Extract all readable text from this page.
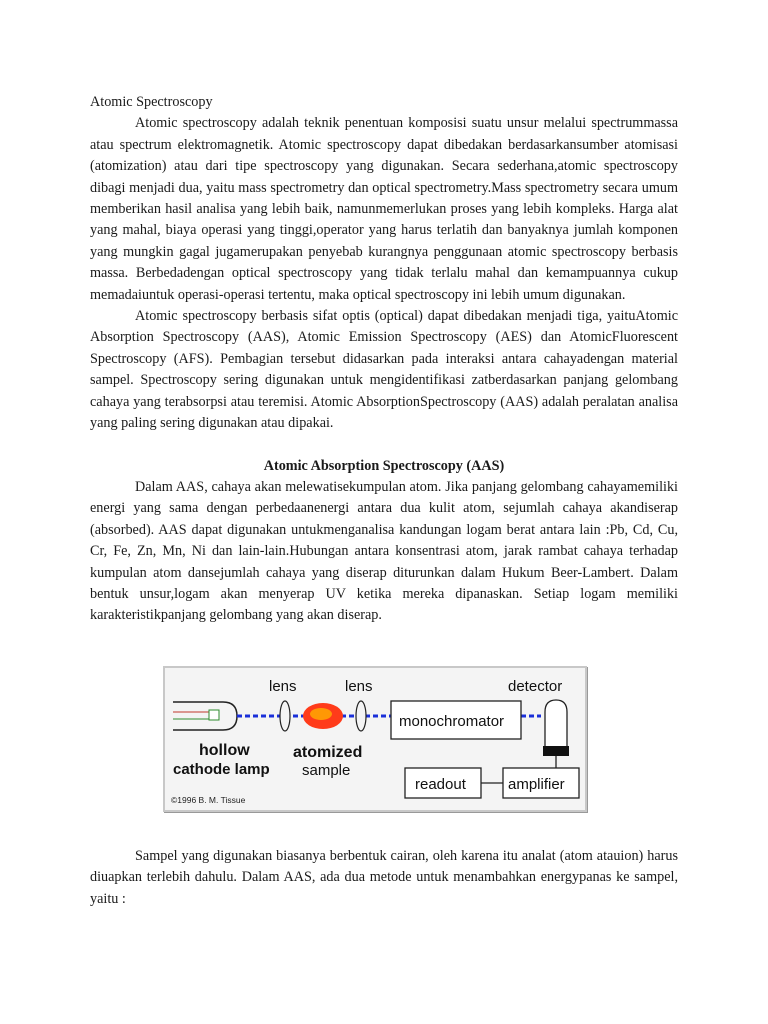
Atomic Spectroscopy

Atomic spectroscopy adalah teknik penentuan komposisi suatu unsur melalui spectrummassa atau spectrum elektromagnetik. Atomic spectroscopy dapat dibedakan berdasarkansumber atomisasi (atomization) atau dari tipe spectroscopy yang digunakan. Secara sederhana,atomic spectroscopy dibagi menjadi dua, yaitu mass spectrometry dan optical spectrometry.Mass spectrometry secara umum memberikan hasil analisa yang lebih baik, namunmemerlukan proses yang lebih kompleks. Harga alat yang mahal, biaya operasi yang tinggi,operator yang harus terlatih dan banyaknya jumlah komponen yang mungkin gagal jugamerupakan penyebab kurangnya penggunaan atomic spectroscopy berbasis massa. Berbedadengan optical spectroscopy yang tidak terlalu mahal dan kemampuannya cukup memadaiuntuk operasi-operasi tertentu, maka optical spectroscopy ini lebih umum digunakan.

Atomic spectroscopy berbasis sifat optis (optical) dapat dibedakan menjadi tiga, yaituAtomic Absorption Spectroscopy (AAS), Atomic Emission Spectroscopy (AES) dan AtomicFluorescent Spectroscopy (AFS). Pembagian tersebut didasarkan pada interaksi antara cahayadengan material sampel. Spectroscopy sering digunakan untuk mengidentifikasi zatberdasarkan panjang gelombang cahaya yang terabsorpsi atau teremisi. Atomic AbsorptionSpectroscopy (AAS) adalah peralatan analisa yang paling sering digunakan atau dipakai.

Atomic Absorption Spectroscopy (AAS)

Dalam AAS, cahaya akan melewatisekumpulan atom. Jika panjang gelombang cahayamemiliki energi yang sama dengan perbedaanenergi antara dua kulit atom, sejumlah cahaya akandiserap (absorbed). AAS dapat digunakan untukmenganalisa kandungan logam berat antara lain :Pb, Cd, Cu, Cr, Fe, Zn, Mn, Ni dan lain-lain.Hubungan antara konsentrasi atom, jarak rambat cahaya terhadap kumpulan atom dansejumlah cahaya yang diserap diturunkan dalam Hukum Beer-Lambert. Dalam bentuk unsur,logam akan menyerap UV ketika mereka dipanaskan. Setiap logam memiliki karakteristikpanjang gelombang yang akan diserap.

lens	lens	detector
monochromator
hollow
cathode lamp
atomized
sample
readout	amplifier
©1996 B. M. Tissue

Sampel yang digunakan biasanya berbentuk cairan, oleh karena itu analat (atom atauion) harus diuapkan terlebih dahulu. Dalam AAS, ada dua metode untuk menambahkan energypanas ke sampel, yaitu :
